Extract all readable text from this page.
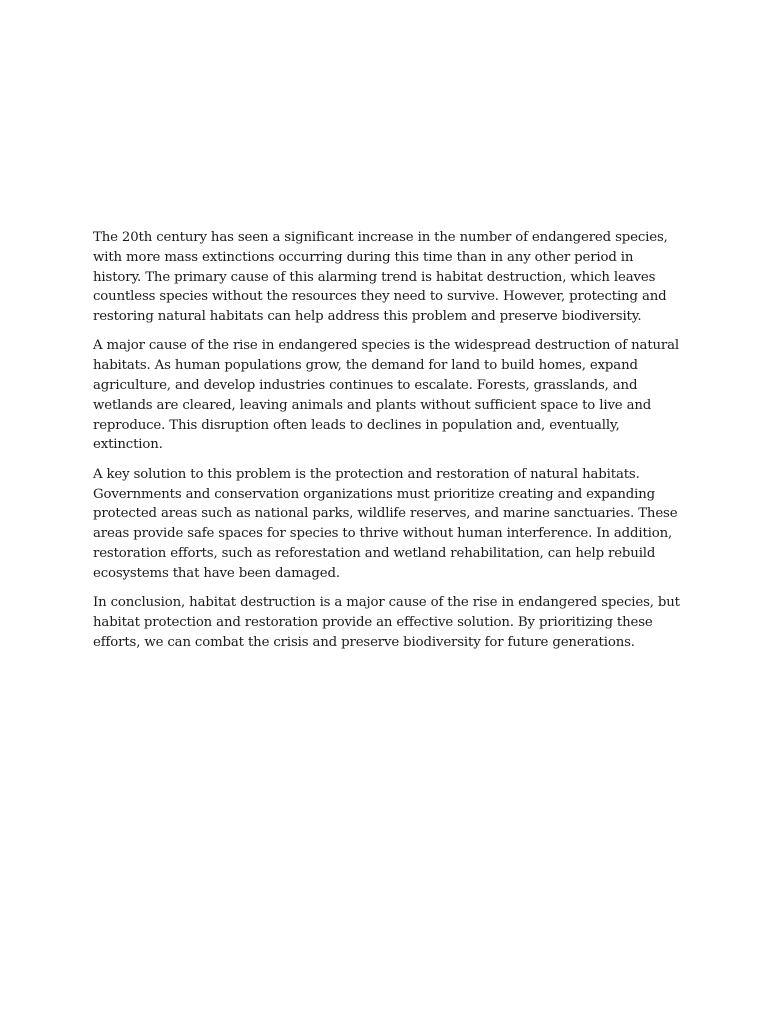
The 20th century has seen a significant increase in the number of endangered species, with more mass extinctions occurring during this time than in any other period in history. The primary cause of this alarming trend is habitat destruction, which leaves countless species without the resources they need to survive. However, protecting and restoring natural habitats can help address this problem and preserve biodiversity.

A major cause of the rise in endangered species is the widespread destruction of natural habitats. As human populations grow, the demand for land to build homes, expand agriculture, and develop industries continues to escalate. Forests, grasslands, and wetlands are cleared, leaving animals and plants without sufficient space to live and reproduce. This disruption often leads to declines in population and, eventually, extinction.

A key solution to this problem is the protection and restoration of natural habitats. Governments and conservation organizations must prioritize creating and expanding protected areas such as national parks, wildlife reserves, and marine sanctuaries. These areas provide safe spaces for species to thrive without human interference. In addition, restoration efforts, such as reforestation and wetland rehabilitation, can help rebuild ecosystems that have been damaged.

In conclusion, habitat destruction is a major cause of the rise in endangered species, but habitat protection and restoration provide an effective solution. By prioritizing these efforts, we can combat the crisis and preserve biodiversity for future generations.
